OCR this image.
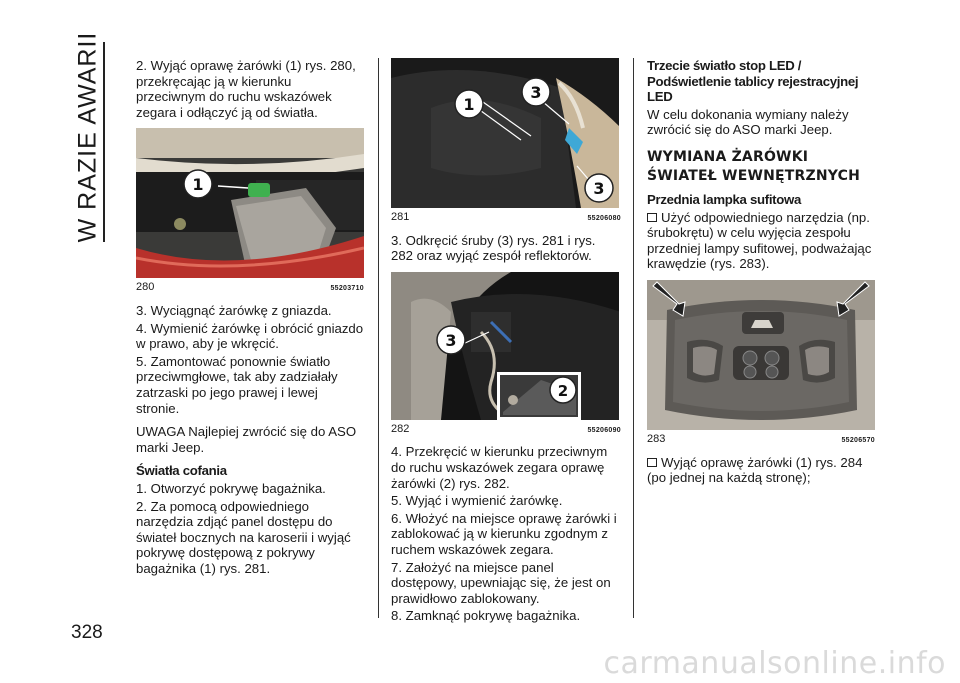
W RAZIE AWARII
328

2. Wyjąć oprawę żarówki (1) rys. 280, przekręcając ją w kierunku przeciwnym do ruchu wskazówek zegara i odłączyć ją od światła.

1
280	55203710

3. Wyciągnąć żarówkę z gniazda.

4. Wymienić żarówkę i obrócić gniazdo w prawo, aby je wkręcić.

5. Zamontować ponownie światło przeciwmgłowe, tak aby zadziałały zatrzaski po jego prawej i lewej stronie.

UWAGA Najlepiej zwrócić się do ASO marki Jeep.

Światła cofania

1. Otworzyć pokrywę bagażnika.

2. Za pomocą odpowiedniego narzędzia zdjąć panel dostępu do świateł bocznych na karoserii i wyjąć pokrywę dostępową z pokrywy bagażnika (1) rys. 281.

1
3
3
281	55206080

3. Odkręcić śruby (3) rys. 281 i rys. 282 oraz wyjąć zespół reflektorów.

3
2
282	55206090

4. Przekręcić w kierunku przeciwnym do ruchu wskazówek zegara oprawę żarówki (2) rys. 282.

5. Wyjąć i wymienić żarówkę.

6. Włożyć na miejsce oprawę żarówki i zablokować ją w kierunku zgodnym z ruchem wskazówek zegara.

7. Założyć na miejsce panel dostępowy, upewniając się, że jest on prawidłowo zablokowany.

8. Zamknąć pokrywę bagażnika.

Trzecie światło stop LED / Podświetlenie tablicy rejestracyjnej LED

W celu dokonania wymiany należy zwrócić się do ASO marki Jeep.

WYMIANA ŻARÓWKI ŚWIATEŁ WEWNĘTRZNYCH

Przednia lampka sufitowa

Użyć odpowiedniego narzędzia (np. śrubokrętu) w celu wyjęcia zespołu przedniej lampy sufitowej, podważając krawędzie (rys. 283).

283	55206570

Wyjąć oprawę żarówki (1) rys. 284 (po jednej na każdą stronę);

carmanualsonline.info
